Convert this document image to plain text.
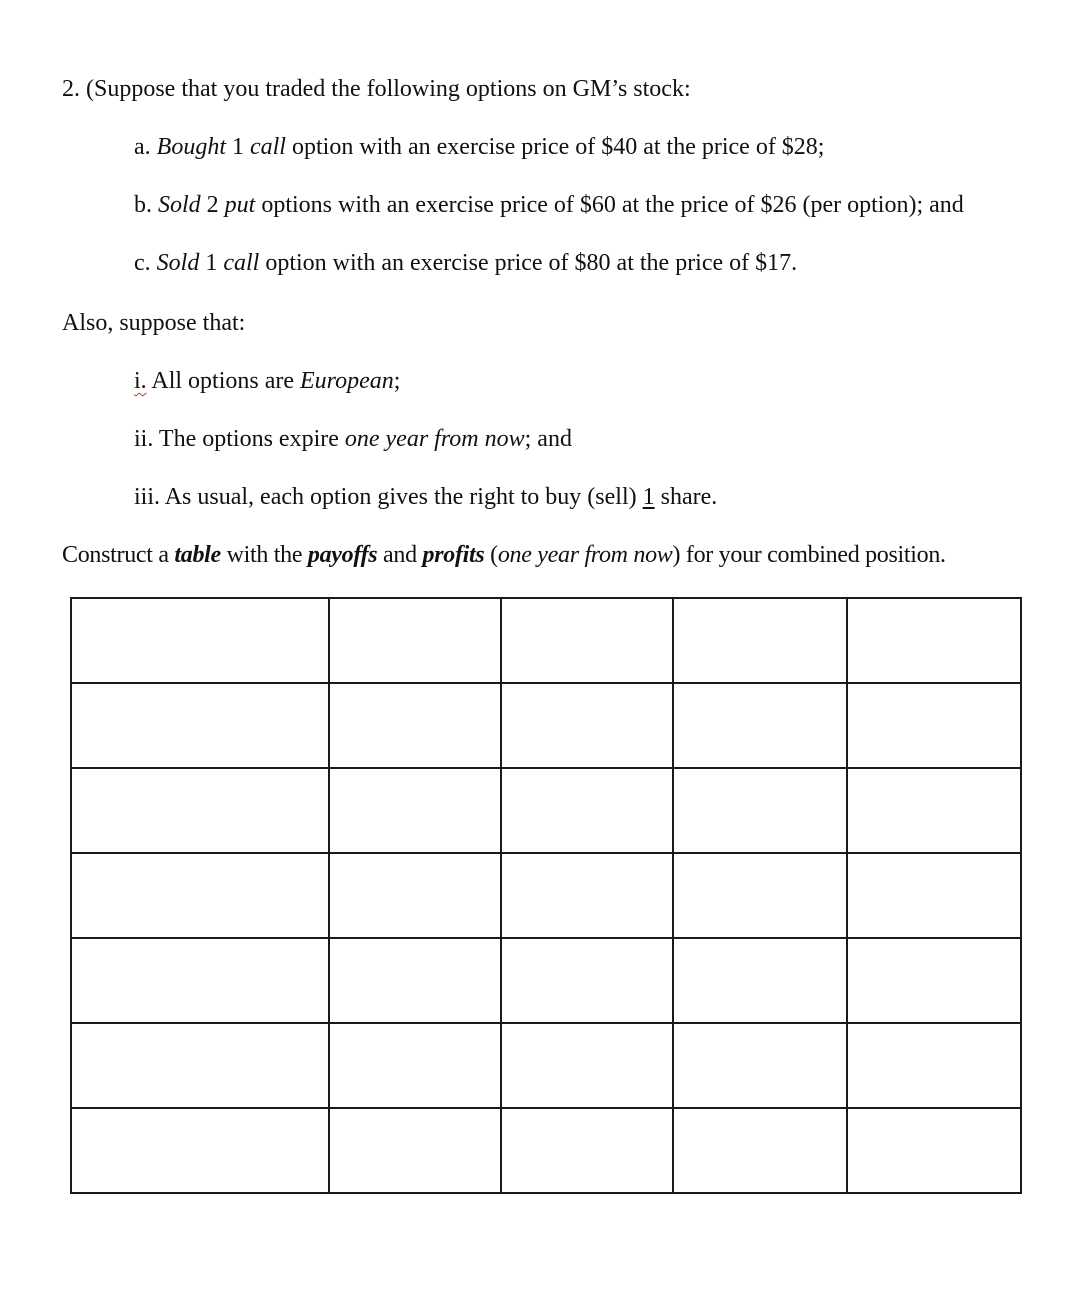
2. (Suppose that you traded the following options on GM’s stock:
a. Bought 1 call option with an exercise price of $40 at the price of $28;
b. Sold 2 put options with an exercise price of $60 at the price of $26 (per option); and
c. Sold 1 call option with an exercise price of $80 at the price of $17.
Also, suppose that:
i. All options are European;
ii. The options expire one year from now; and
iii. As usual, each option gives the right to buy (sell) 1 share.
Construct a table with the payoffs and profits (one year from now) for your combined position.
